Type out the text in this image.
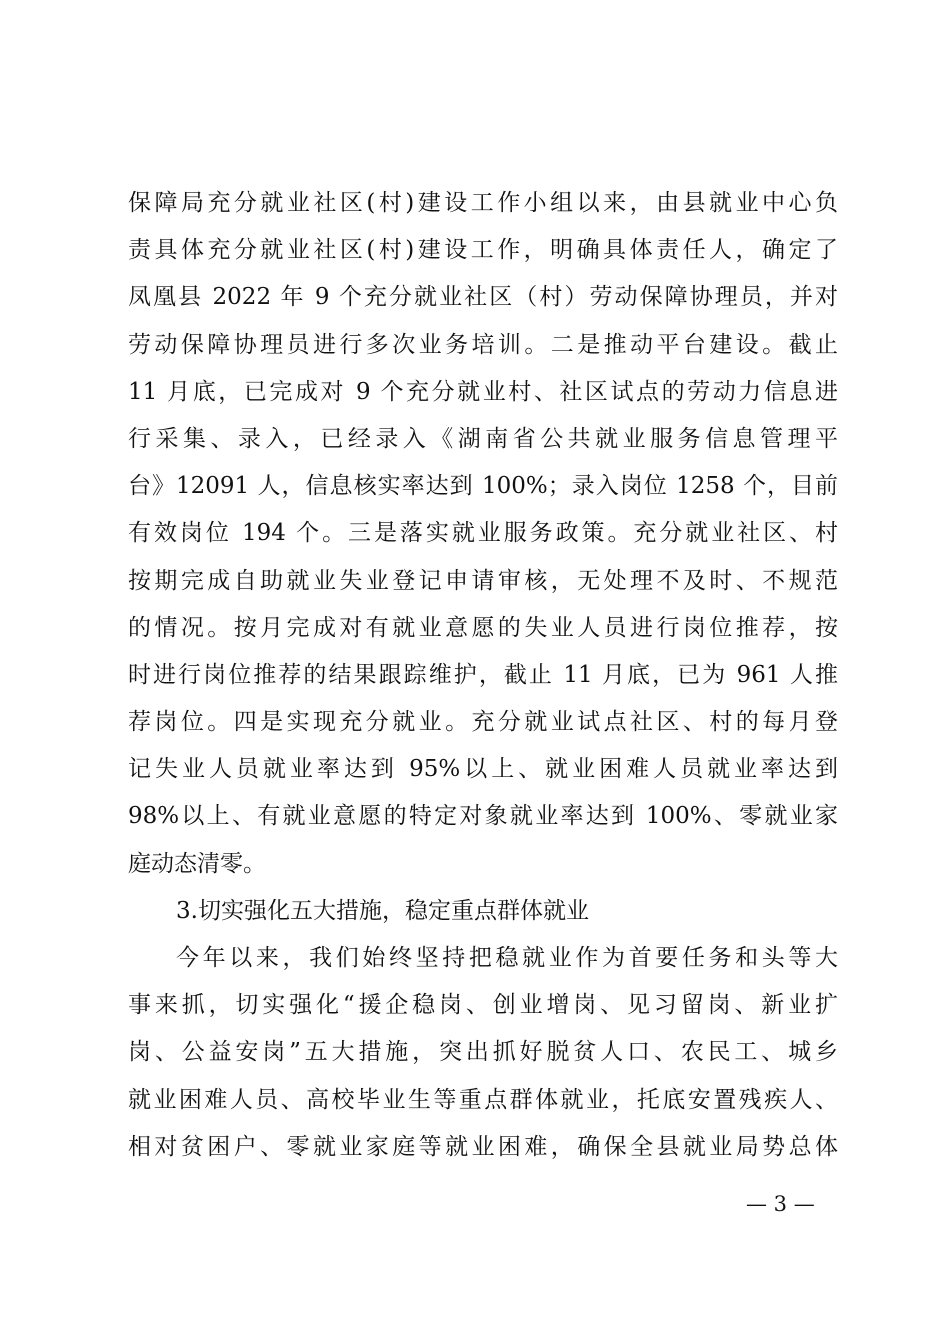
保障局充分就业社区(村)建设工作小组以来，由县就业中心负
责具体充分就业社区(村)建设工作，明确具体责任人，确定了
凤凰县 2022 年 9 个充分就业社区（村）劳动保障协理员，并对
劳动保障协理员进行多次业务培训。二是推动平台建设。截止
11 月底，已完成对 9 个充分就业村、社区试点的劳动力信息进
行采集、录入，已经录入《湖南省公共就业服务信息管理平
台》12091 人，信息核实率达到 100%；录入岗位 1258 个，目前
有效岗位 194 个。三是落实就业服务政策。充分就业社区、村
按期完成自助就业失业登记申请审核，无处理不及时、不规范
的情况。按月完成对有就业意愿的失业人员进行岗位推荐，按
时进行岗位推荐的结果跟踪维护，截止 11 月底，已为 961 人推
荐岗位。四是实现充分就业。充分就业试点社区、村的每月登
记失业人员就业率达到 95%以上、就业困难人员就业率达到
98%以上、有就业意愿的特定对象就业率达到 100%、零就业家
庭动态清零。
3.切实强化五大措施，稳定重点群体就业
今年以来，我们始终坚持把稳就业作为首要任务和头等大
事来抓，切实强化“援企稳岗、创业增岗、见习留岗、新业扩
岗、公益安岗”五大措施，突出抓好脱贫人口、农民工、城乡
就业困难人员、高校毕业生等重点群体就业，托底安置残疾人、
相对贫困户、零就业家庭等就业困难，确保全县就业局势总体
— 3 —
